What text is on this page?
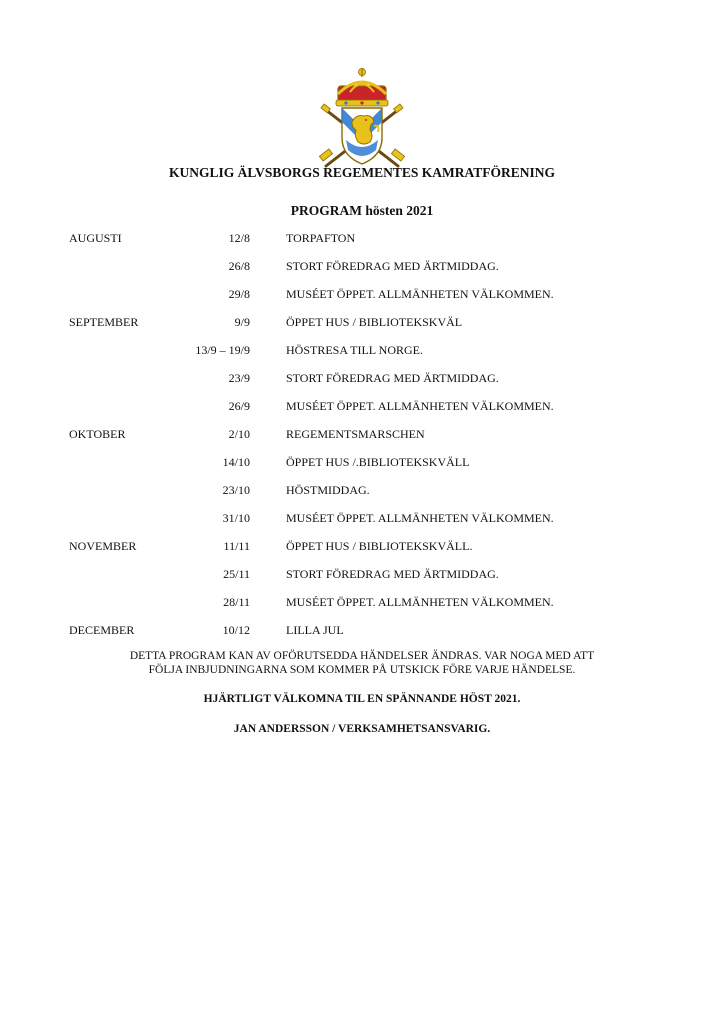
KUNGLIG ÄLVSBORGS REGEMENTES KAMRATFÖRENING
PROGRAM hösten 2021
AUGUSTI	12/8	TORPAFTON
26/8	STORT FÖREDRAG MED ÄRTMIDDAG.
29/8	MUSÉET ÖPPET. ALLMÄNHETEN VÄLKOMMEN.
SEPTEMBER	9/9	ÖPPET HUS / BIBLIOTEKSKVÄL
13/9 – 19/9	HÖSTRESA TILL NORGE.
23/9	STORT FÖREDRAG MED ÄRTMIDDAG.
26/9	MUSÉET ÖPPET. ALLMÄNHETEN VÄLKOMMEN.
OKTOBER	2/10	REGEMENTSMARSCHEN
14/10	ÖPPET HUS /.BIBLIOTEKSKVÄLL
23/10	HÖSTMIDDAG.
31/10	MUSÉET ÖPPET. ALLMÄNHETEN VÄLKOMMEN.
NOVEMBER	11/11	ÖPPET HUS / BIBLIOTEKSKVÄLL.
25/11	STORT FÖREDRAG MED ÄRTMIDDAG.
28/11	MUSÉET ÖPPET. ALLMÄNHETEN VÄLKOMMEN.
DECEMBER	10/12	LILLA JUL
DETTA PROGRAM KAN AV OFÖRUTSEDDA HÄNDELSER ÄNDRAS. VAR NOGA MED ATT
FÖLJA INBJUDNINGARNA SOM KOMMER PÅ UTSKICK FÖRE VARJE HÄNDELSE.
HJÄRTLIGT VÄLKOMNA TIL EN SPÄNNANDE HÖST 2021.
JAN ANDERSSON / VERKSAMHETSANSVARIG.
